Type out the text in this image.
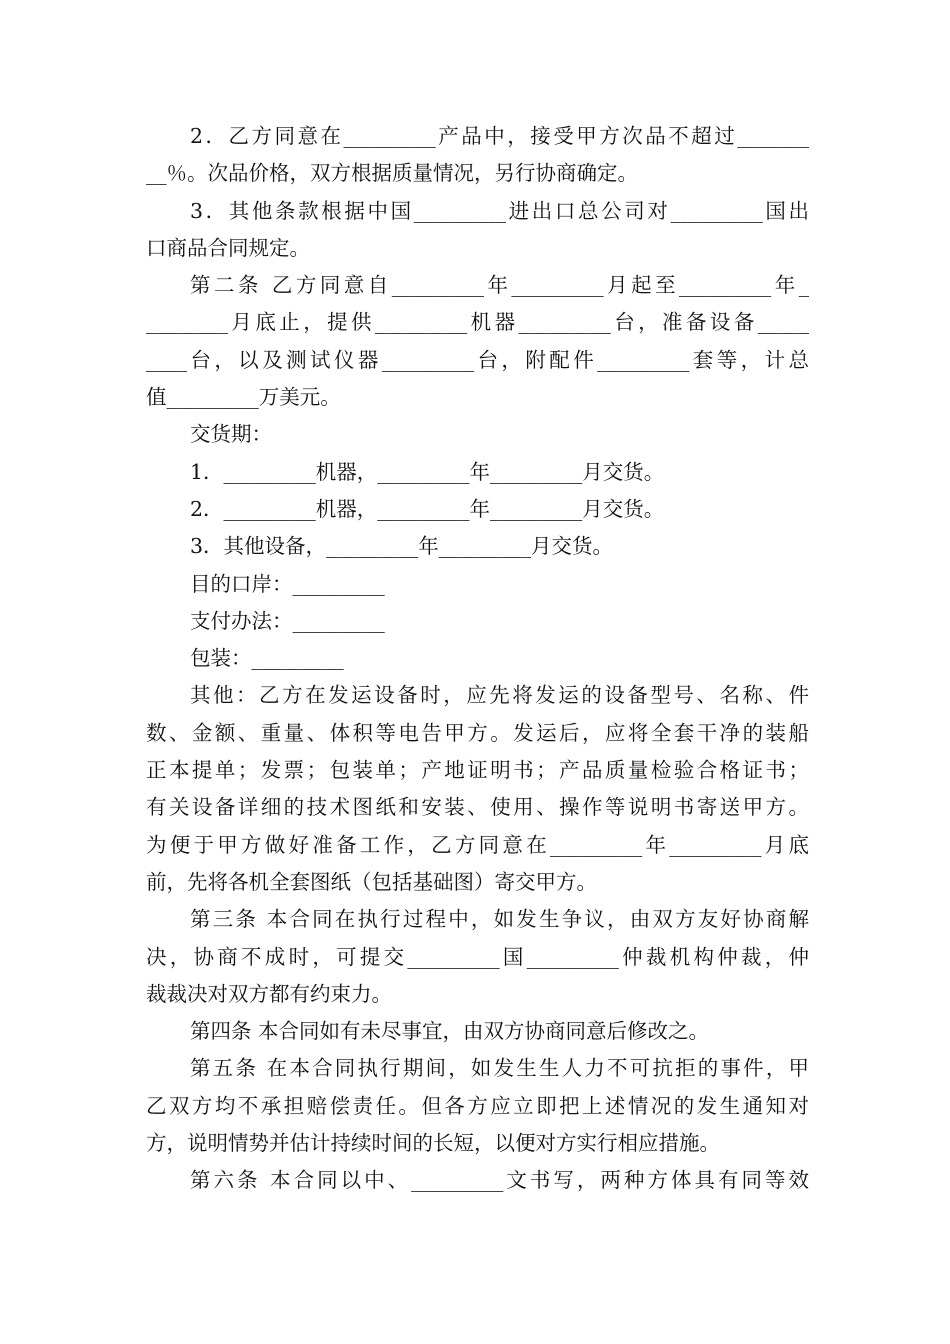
2．乙方同意在_________产品中，接受甲方次品不超过_______
__％。次品价格，双方根据质量情况，另行协商确定。
3．其他条款根据中国_________进出口总公司对_________国出
口商品合同规定。
第二条 乙方同意自_________年_________月起至_________年_
________月底止，提供_________机器_________台，准备设备_____
____台，以及测试仪器_________台，附配件_________套等，计总
值_________万美元。
交货期：
1．_________机器，_________年_________月交货。
2．_________机器，_________年_________月交货。
3．其他设备，_________年_________月交货。
目的口岸：_________
支付办法：_________
包装：_________
其他：乙方在发运设备时，应先将发运的设备型号、名称、件
数、金额、重量、体积等电告甲方。发运后，应将全套干净的装船
正本提单；发票；包装单；产地证明书；产品质量检验合格证书；
有关设备详细的技术图纸和安装、使用、操作等说明书寄送甲方。
为便于甲方做好准备工作，乙方同意在_________年_________月底
前，先将各机全套图纸（包括基础图）寄交甲方。
第三条 本合同在执行过程中，如发生争议，由双方友好协商解
决，协商不成时，可提交_________国_________仲裁机构仲裁，仲
裁裁决对双方都有约束力。
第四条 本合同如有未尽事宜，由双方协商同意后修改之。
第五条 在本合同执行期间，如发生生人力不可抗拒的事件，甲
乙双方均不承担赔偿责任。但各方应立即把上述情况的发生通知对
方，说明情势并估计持续时间的长短，以便对方实行相应措施。
第六条 本合同以中、_________文书写，两种方体具有同等效
